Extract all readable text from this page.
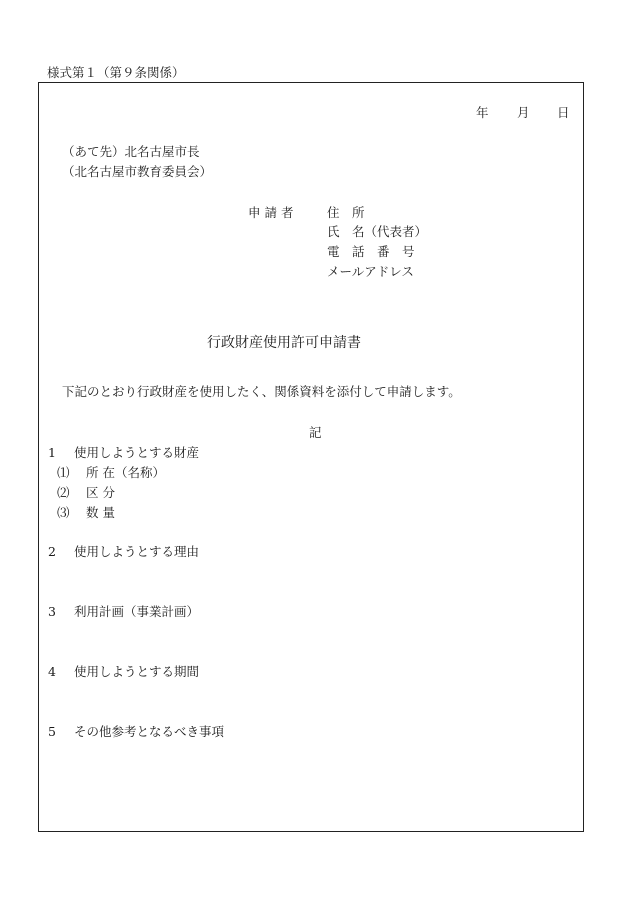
様式第１（第９条関係）
年 月 日
（あて先）北名古屋市長
（北名古屋市教育委員会）
申 請 者	住　所
氏　名（代表者）
電　話　番　号
メールアドレス
行政財産使用許可申請書
下記のとおり行政財産を使用したく、関係資料を添付して申請します。
記
1 使用しようとする財産
⑴ 所 在（名称）
⑵ 区 分
⑶ 数 量
2 使用しようとする理由
3 利用計画（事業計画）
4 使用しようとする期間
5 その他参考となるべき事項
